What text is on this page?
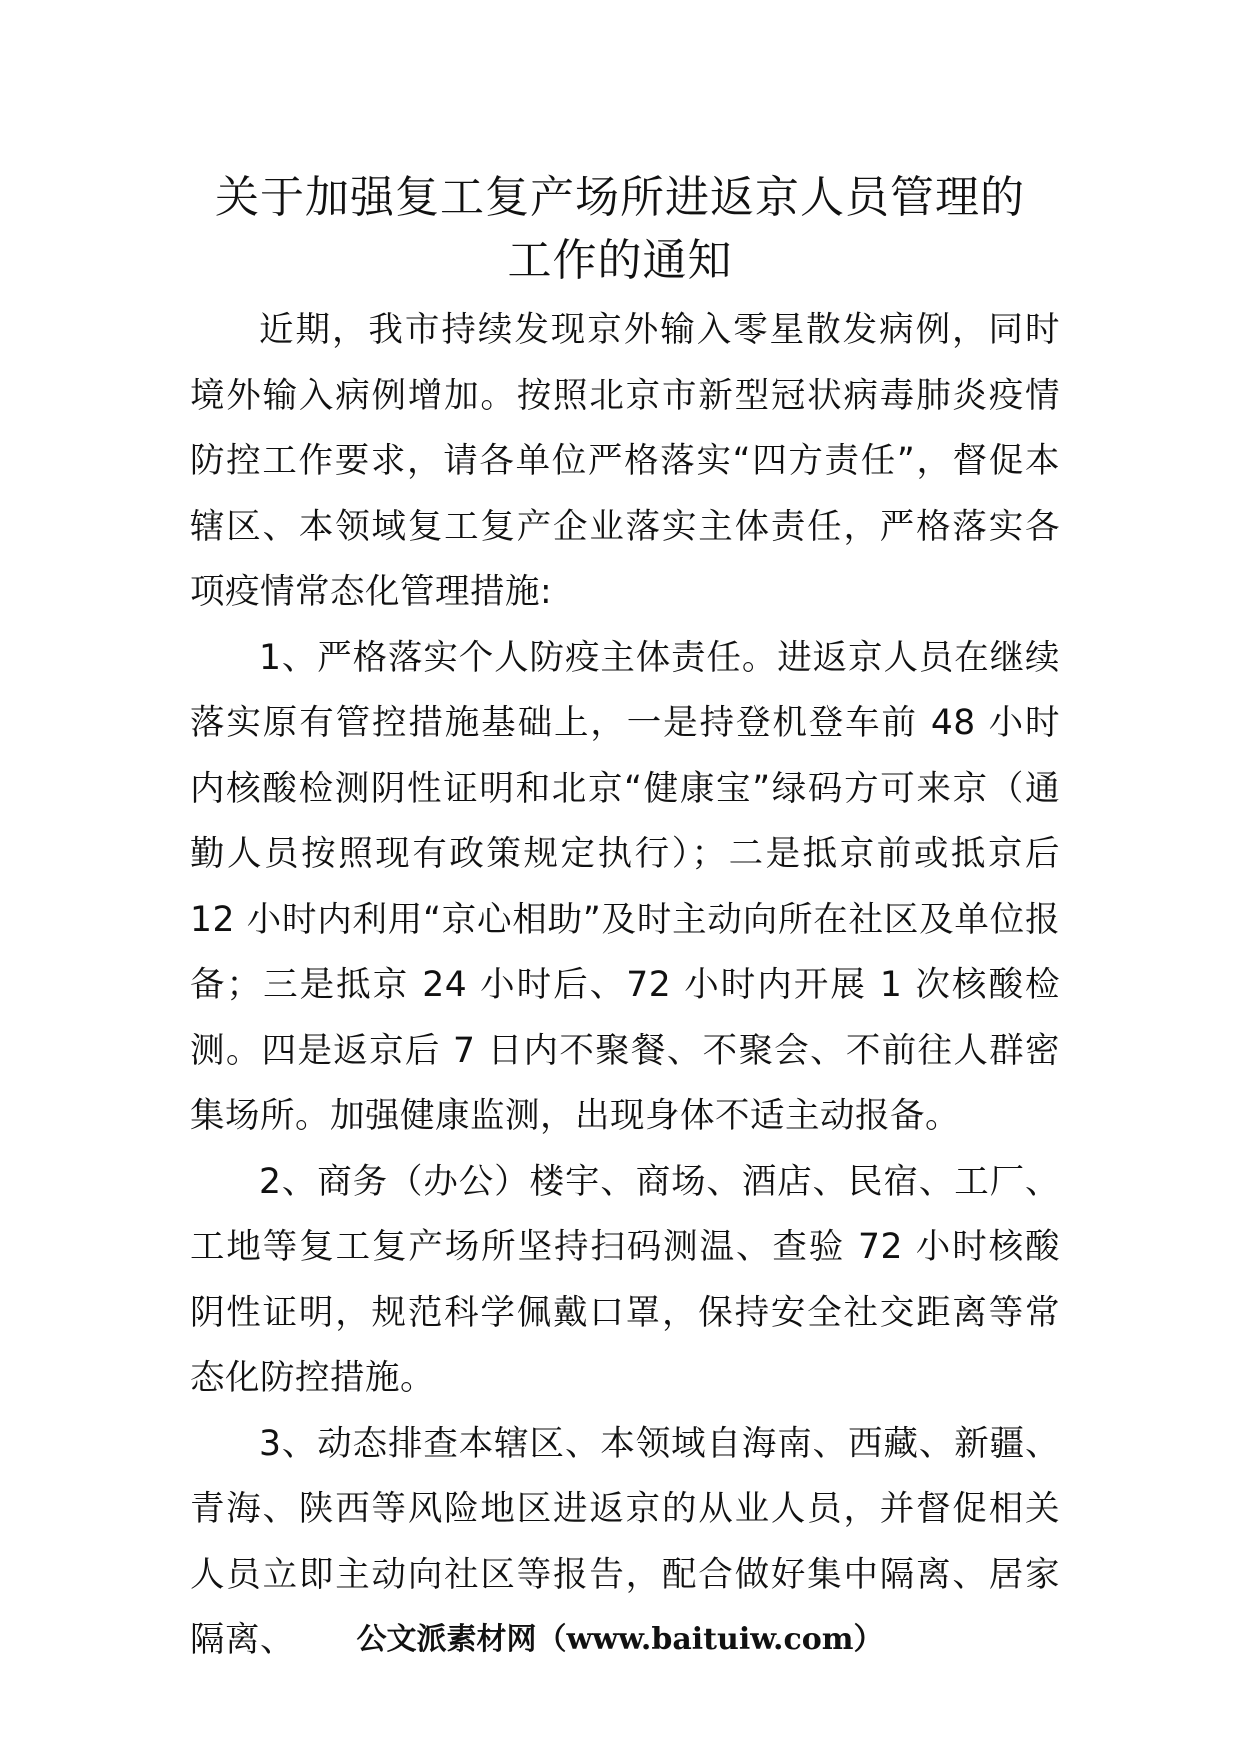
关于加强复工复产场所进返京人员管理的
工作的通知

近期，我市持续发现京外输入零星散发病例，同时境外输入病例增加。按照北京市新型冠状病毒肺炎疫情防控工作要求，请各单位严格落实“四方责任”，督促本辖区、本领域复工复产企业落实主体责任，严格落实各项疫情常态化管理措施:

1、严格落实个人防疫主体责任。进返京人员在继续落实原有管控措施基础上，一是持登机登车前 48 小时内核酸检测阴性证明和北京“健康宝”绿码方可来京（通勤人员按照现有政策规定执行）；二是抵京前或抵京后 12 小时内利用“京心相助”及时主动向所在社区及单位报备；三是抵京 24 小时后、72 小时内开展 1 次核酸检测。四是返京后 7 日内不聚餐、不聚会、不前往人群密集场所。加强健康监测，出现身体不适主动报备。

2、商务（办公）楼宇、商场、酒店、民宿、工厂、工地等复工复产场所坚持扫码测温、查验 72 小时核酸阴性证明，规范科学佩戴口罩，保持安全社交距离等常态化防控措施。

3、动态排查本辖区、本领域自海南、西藏、新疆、青海、陕西等风险地区进返京的从业人员，并督促相关人员立即主动向社区等报告，配合做好集中隔离、居家隔离、	公文派素材网（www.baituiw.com）
